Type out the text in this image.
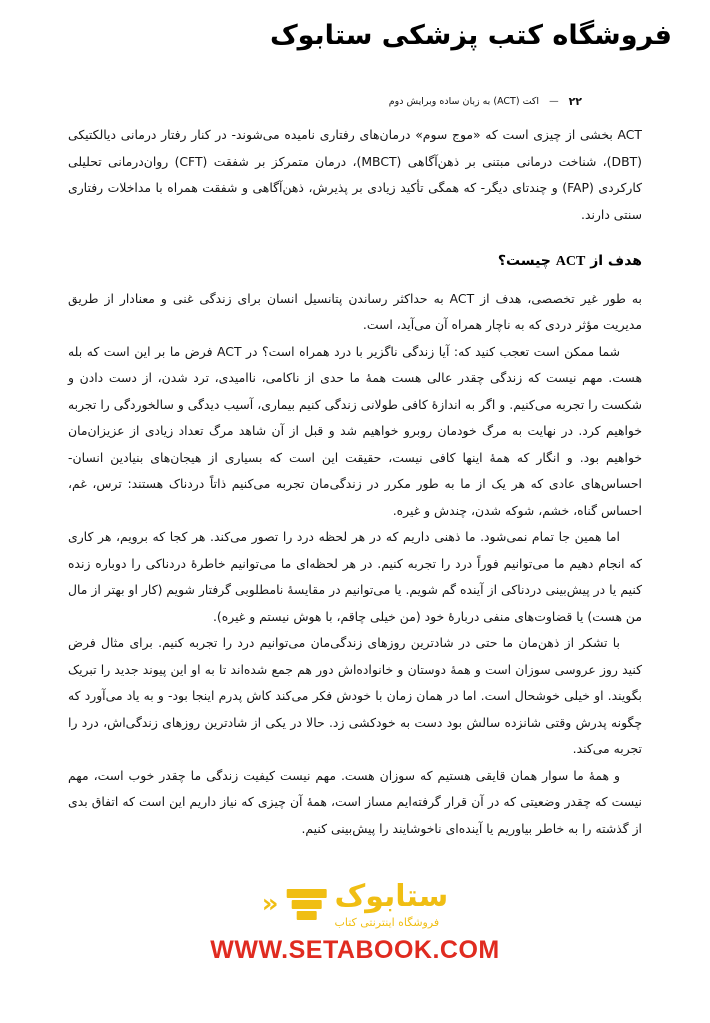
فروشگاه کتب پزشکی ستابوک
۲۲
—
اکت (ACT) به زبان ساده وبرایش دوم

ACT بخشی از چیزی است که «موج سوم» درمان‌های رفتاری نامیده می‌شوند- در کنار رفتار درمانی دیالکتیکی (DBT)، شناخت درمانی مبتنی بر ذهن‌آگاهی (MBCT)، درمان متمرکز بر شفقت (CFT) روان‌درمانی تحلیلی کارکردی (FAP) و چندتای دیگر- که همگی تأکید زیادی بر پذیرش، ذهن‌آگاهی و شفقت همراه با مداخلات رفتاری سنتی دارند.

هدف از ACT چیست؟

به طور غیر تخصصی، هدف از ACT به حداکثر رساندن پتانسیل انسان برای زندگی غنی و معنادار از طریق مدیریت مؤثر دردی که به ناچار همراه آن می‌آید، است.

شما ممکن است تعجب کنید که: آیا زندگی ناگزیر با درد همراه است؟ در ACT فرض ما بر این است که بله هست. مهم نیست که زندگی چقدر عالی هست همهٔ ما حدی از ناکامی، ناامیدی، ترد شدن، از دست دادن و شکست را تجربه می‌کنیم. و اگر به اندازهٔ کافی طولانی زندگی کنیم بیماری، آسیب دیدگی و سالخوردگی را تجربه خواهیم کرد. در نهایت به مرگ خودمان روبرو خواهیم شد و قبل از آن شاهد مرگ تعداد زیادی از عزیزان‌مان خواهیم بود. و انگار که همهٔ اینها کافی نیست، حقیقت این است که بسیاری از هیجان‌های بنیادین انسان- احساس‌های عادی که هر یک از ما به طور مکرر در زندگی‌مان تجربه می‌کنیم ذاتاً دردناک هستند: ترس، غم، احساس گناه، خشم، شوکه شدن، چندش و غیره.

اما همین جا تمام نمی‌شود. ما ذهنی داریم که در هر لحظه درد را تصور می‌کند. هر کجا که برویم، هر کاری که انجام دهیم ما می‌توانیم فوراً درد را تجربه کنیم. در هر لحظه‌ای ما می‌توانیم خاطرهٔ دردناکی را دوباره زنده کنیم یا در پیش‌بینی دردناکی از آینده گم شویم. یا می‌توانیم در مقایسهٔ نامطلوبی گرفتار شویم (کار او بهتر از مال من هست) یا قضاوت‌های منفی دربارهٔ خود (من خیلی چاقم، با هوش نیستم و غیره).

با تشکر از ذهن‌مان ما حتی در شادترین روزهای زندگی‌مان می‌توانیم درد را تجربه کنیم. برای مثال فرض کنید روز عروسی سوزان است و همهٔ دوستان و خانواده‌اش دور هم جمع شده‌اند تا به او این پیوند جدید را تبریک بگویند. او خیلی خوشحال است. اما در همان زمان با خودش فکر می‌کند کاش پدرم اینجا بود- و به یاد می‌آورد که چگونه پدرش وقتی شانزده سالش بود دست به خودکشی زد. حالا در یکی از شادترین روزهای زندگی‌اش، درد را تجربه می‌کند.

و همهٔ ما سوار همان قایقی هستیم که سوزان هست. مهم نیست کیفیت زندگی ما چقدر خوب است، مهم نیست که چقدر وضعیتی که در آن قرار گرفته‌ایم مساز است، همهٔ آن چیزی که نیاز داریم این است که اتفاق بدی از گذشته را به خاطر بیاوریم یا آینده‌ای ناخوشایند را پیش‌بینی کنیم.

« ستابوک
فروشگاه اینترنتی کتاب
WWW.SETABOOK.COM
